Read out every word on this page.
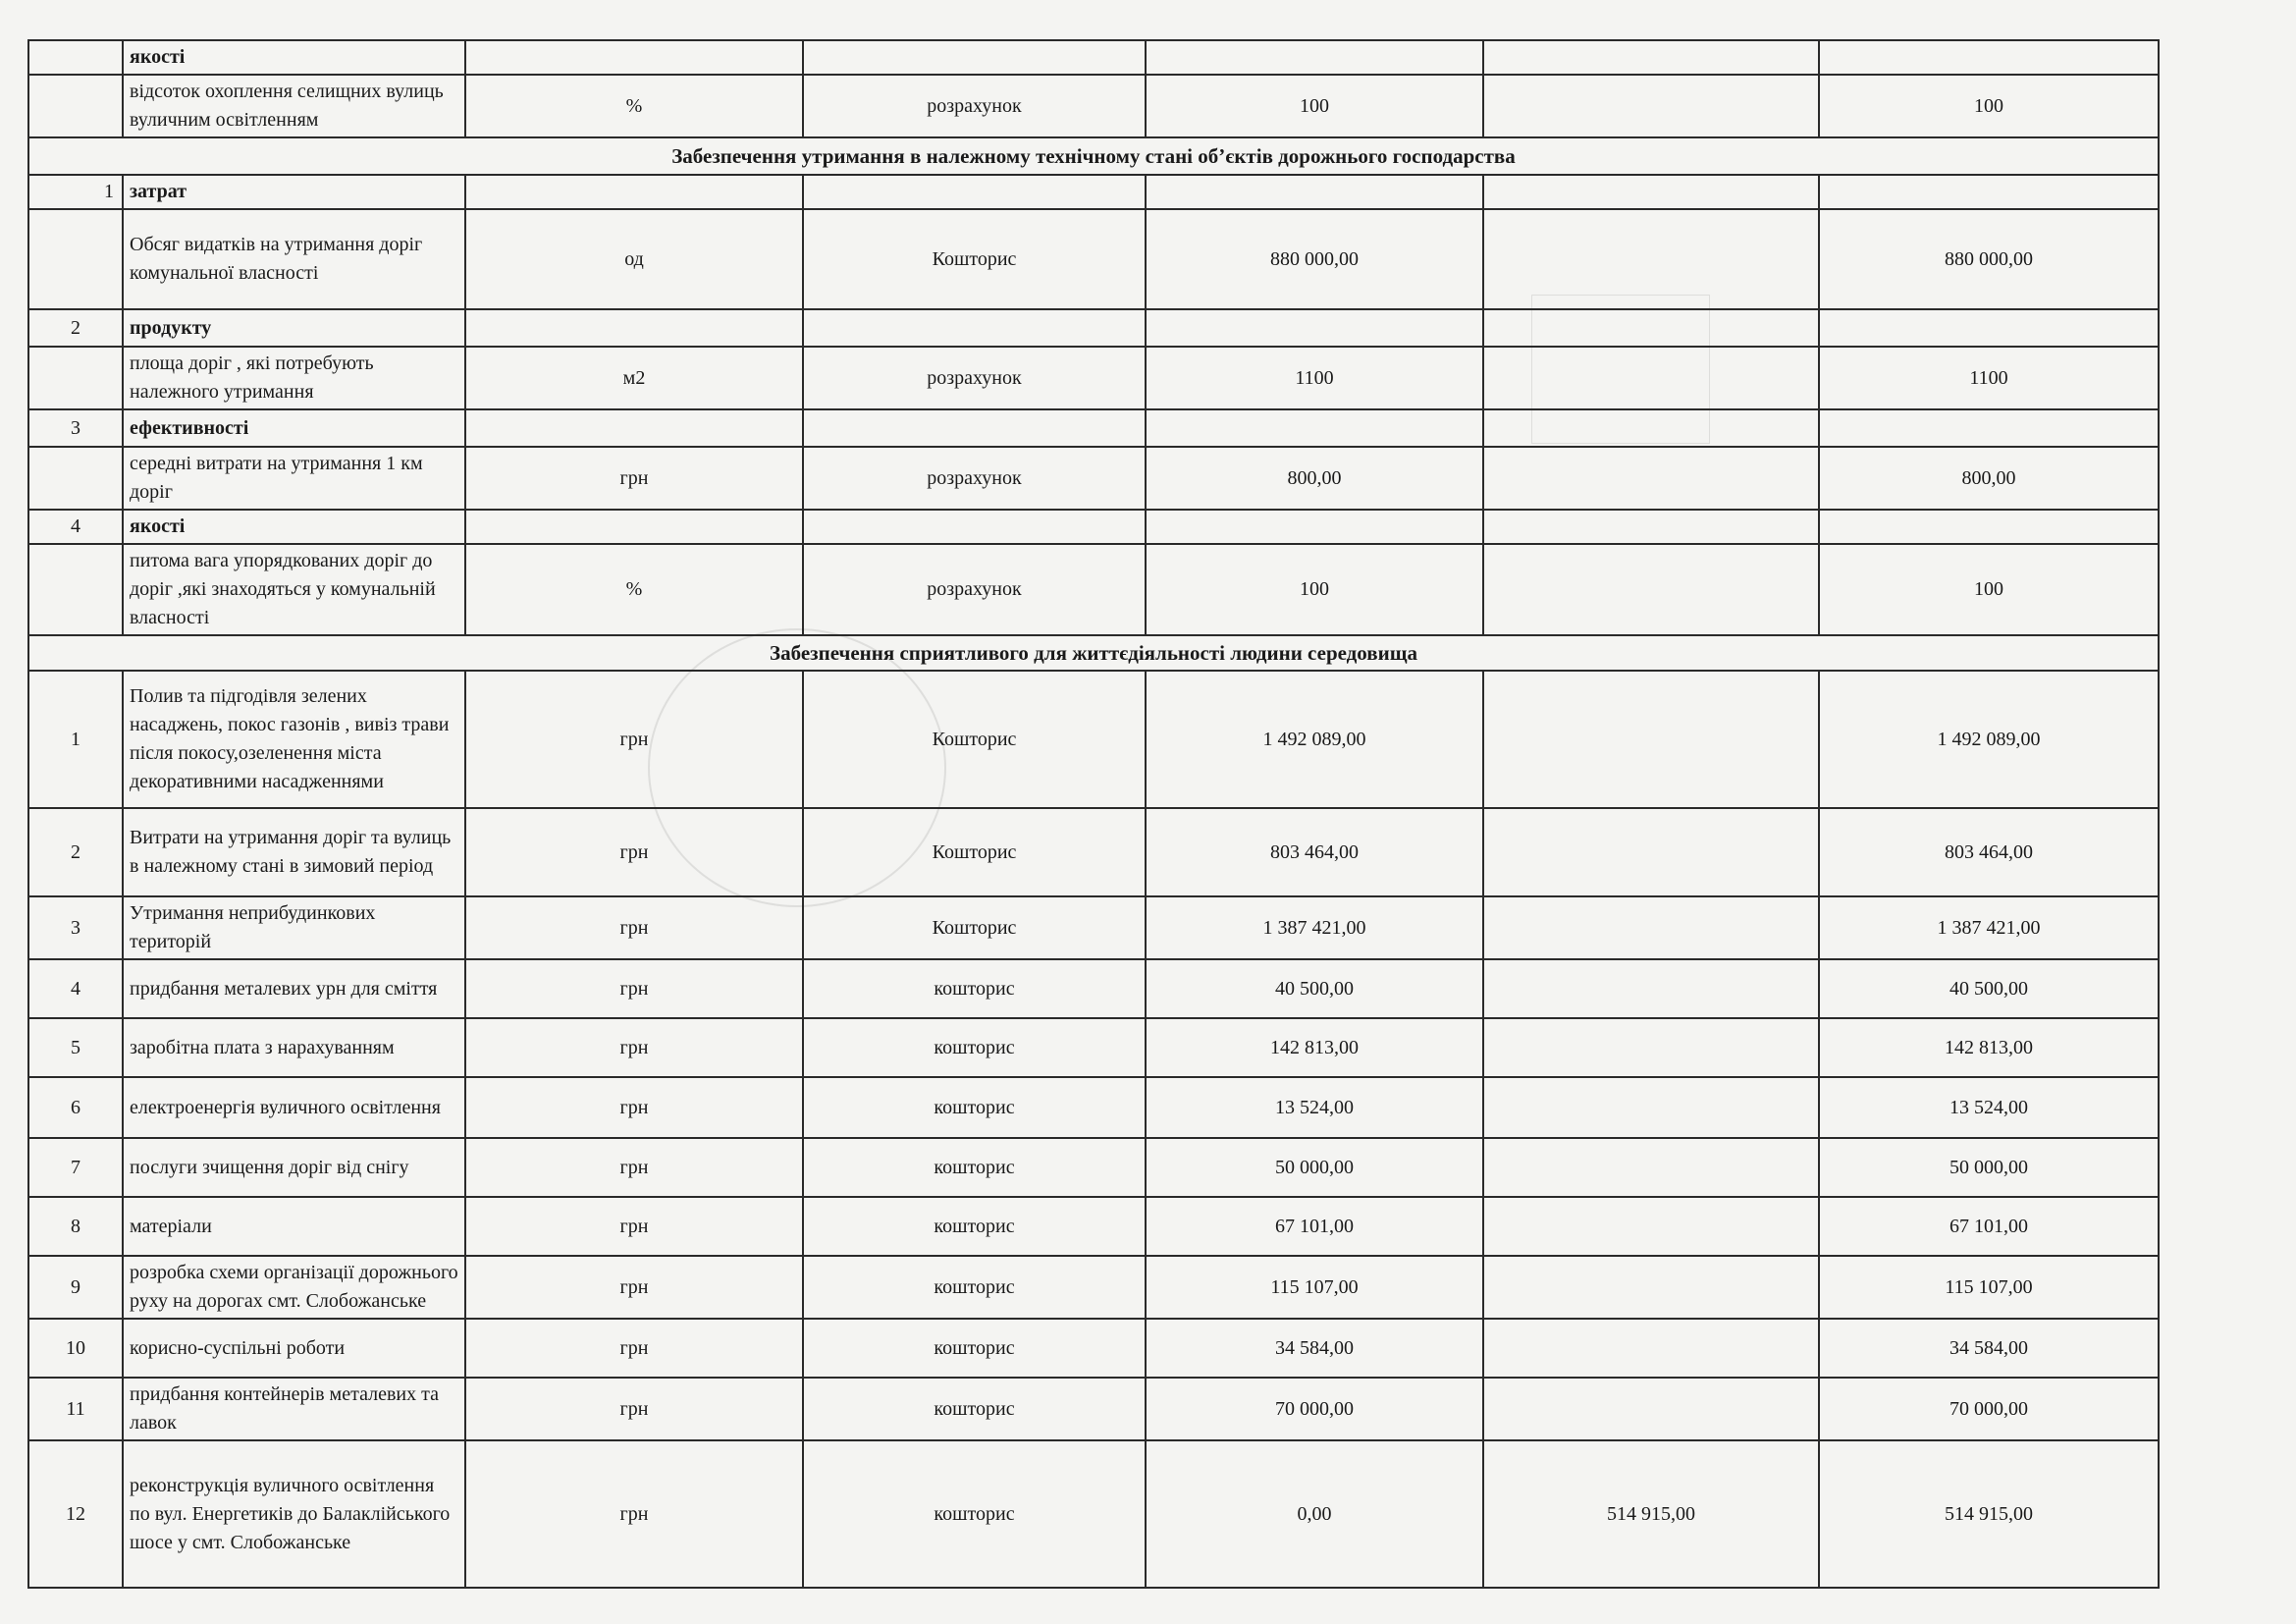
	якості					
	відсоток охоплення селищних вулиць вуличним освітленням	%	розрахунок	100		100
Забезпечення утримання в належному технічному стані об’єктів дорожнього господарства						
1	затрат					
	Обсяг видатків на утримання доріг комунальної власності	од	Кошторис	880 000,00		880 000,00
2	продукту					
	площа доріг , які потребують належного утримання	м2	розрахунок	1100		1100
3	ефективності					
	середні витрати на утримання 1 км доріг	грн	розрахунок	800,00		800,00
4	якості					
	питома вага упорядкованих доріг до доріг ,які знаходяться у комунальній власності	%	розрахунок	100		100
Забезпечення сприятливого для життєдіяльності людини середовища						
1	Полив та підгодівля зелених насаджень, покос газонів , вивіз трави після покосу,озеленення міста декоративними насадженнями	грн	Кошторис	1 492 089,00		1 492 089,00
2	Витрати на утримання доріг та вулиць в належному стані в зимовий період	грн	Кошторис	803 464,00		803 464,00
3	Утримання неприбудинкових територій	грн	Кошторис	1 387 421,00		1 387 421,00
4	придбання металевих урн для сміття	грн	кошторис	40 500,00		40 500,00
5	заробітна плата з нарахуванням	грн	кошторис	142 813,00		142 813,00
6	електроенергія вуличного освітлення	грн	кошторис	13 524,00		13 524,00
7	послуги зчищення доріг від снігу	грн	кошторис	50 000,00		50 000,00
8	матеріали	грн	кошторис	67 101,00		67 101,00
9	розробка схеми організації дорожнього руху на дорогах смт. Слобожанське	грн	кошторис	115 107,00		115 107,00
10	корисно-суспільні роботи	грн	кошторис	34 584,00		34 584,00
11	придбання контейнерів металевих та лавок	грн	кошторис	70 000,00		70 000,00
12	реконструкція вуличного освітлення по вул. Енергетиків до Балаклійського шосе у смт. Слобожанське	грн	кошторис	0,00	514 915,00	514 915,00
